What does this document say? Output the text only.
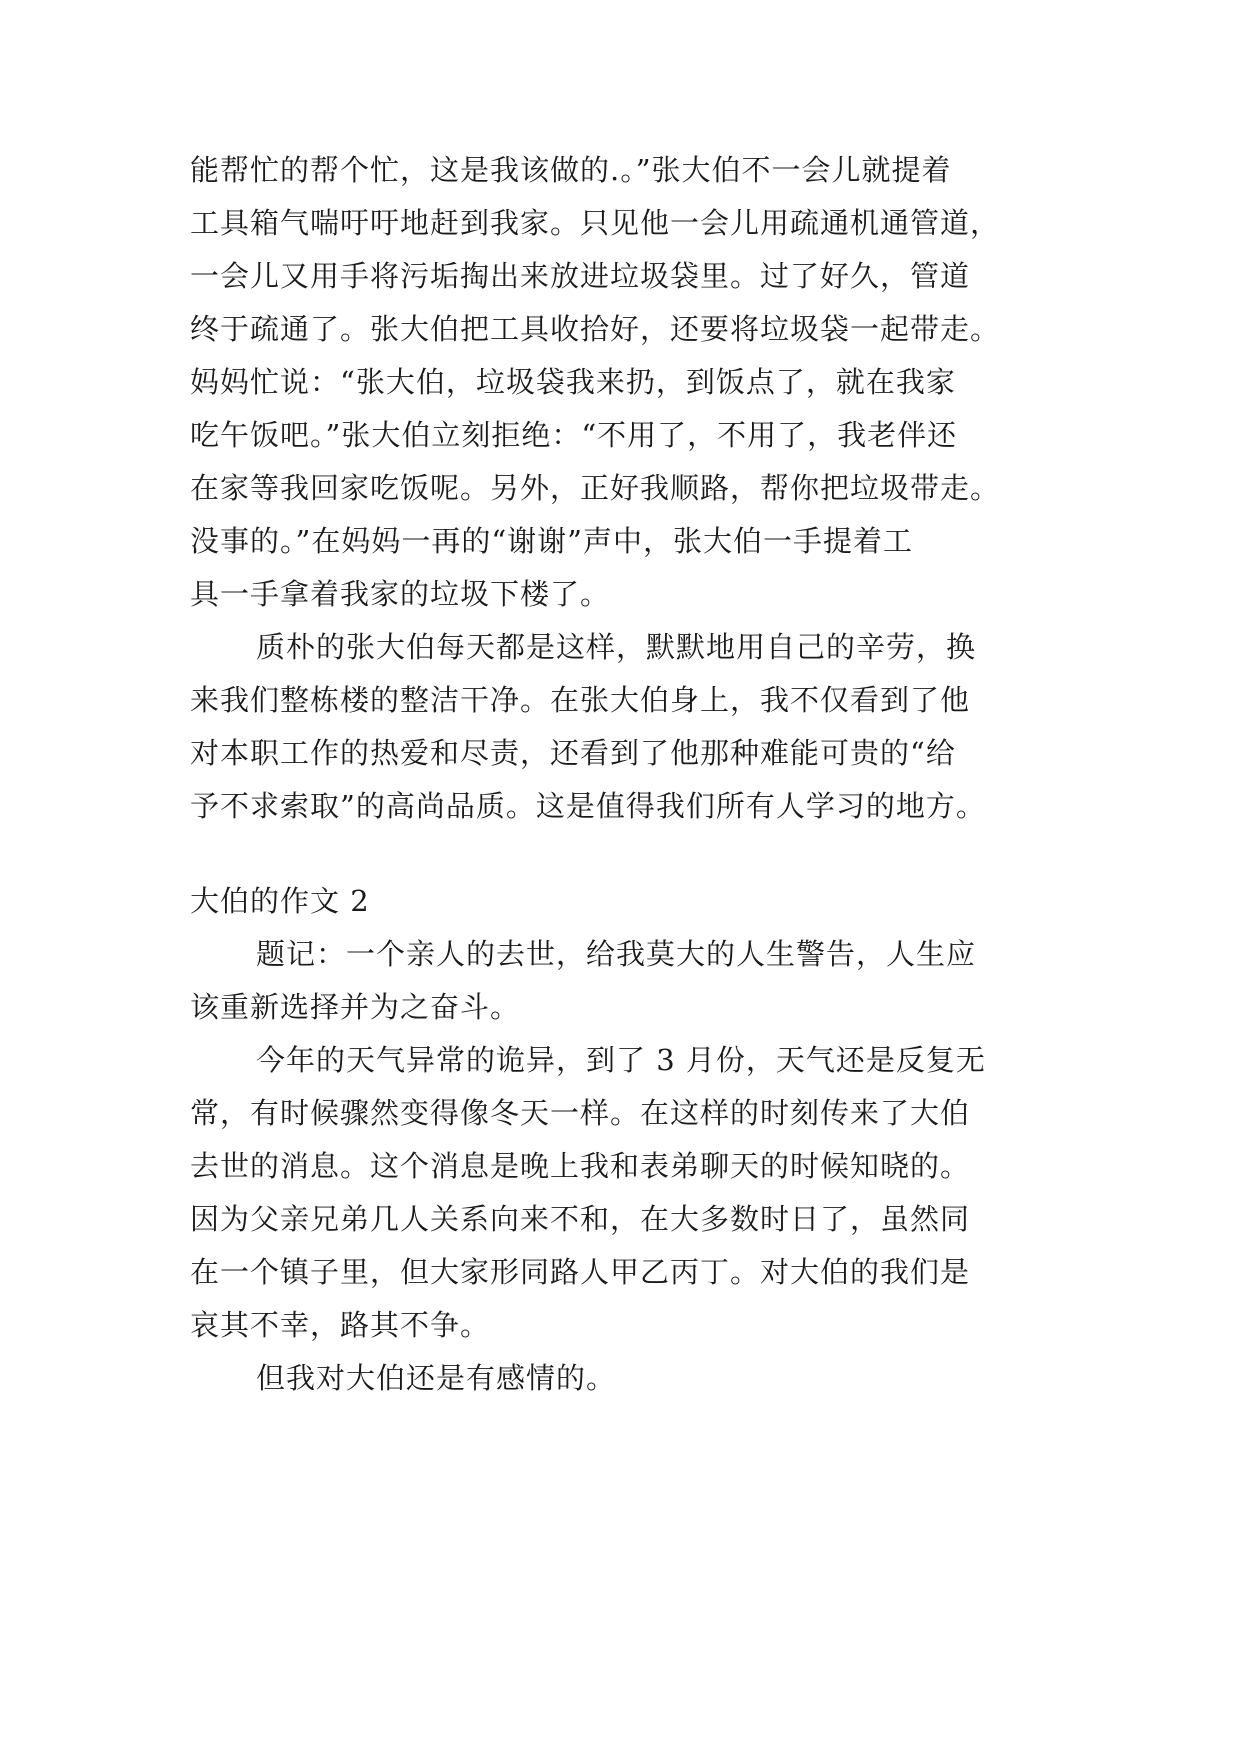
能帮忙的帮个忙，这是我该做的.。”张大伯不一会儿就提着
工具箱气喘吁吁地赶到我家。只见他一会儿用疏通机通管道，
一会儿又用手将污垢掏出来放进垃圾袋里。过了好久，管道
终于疏通了。张大伯把工具收拾好，还要将垃圾袋一起带走。
妈妈忙说：“张大伯，垃圾袋我来扔，到饭点了，就在我家
吃午饭吧。”张大伯立刻拒绝：“不用了，不用了，我老伴还
在家等我回家吃饭呢。另外，正好我顺路，帮你把垃圾带走。
没事的。”在妈妈一再的“谢谢”声中，张大伯一手提着工
具一手拿着我家的垃圾下楼了。
质朴的张大伯每天都是这样，默默地用自己的辛劳，换
来我们整栋楼的整洁干净。在张大伯身上，我不仅看到了他
对本职工作的热爱和尽责，还看到了他那种难能可贵的“给
予不求索取”的高尚品质。这是值得我们所有人学习的地方。
大伯的作文 2
题记：一个亲人的去世，给我莫大的人生警告，人生应
该重新选择并为之奋斗。
今年的天气异常的诡异，到了 3 月份，天气还是反复无
常，有时候骤然变得像冬天一样。在这样的时刻传来了大伯
去世的消息。这个消息是晚上我和表弟聊天的时候知晓的。
因为父亲兄弟几人关系向来不和，在大多数时日了，虽然同
在一个镇子里，但大家形同路人甲乙丙丁。对大伯的我们是
哀其不幸，路其不争。
但我对大伯还是有感情的。
